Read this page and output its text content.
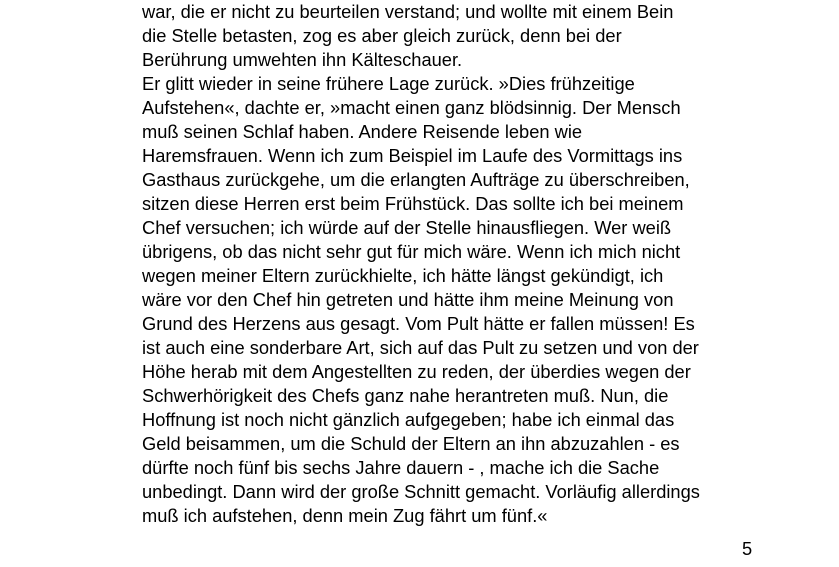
war, die er nicht zu beurteilen verstand; und wollte mit einem Bein
die Stelle betasten, zog es aber gleich zurück, denn bei der
Berührung umwehten ihn Kälteschauer.
Er glitt wieder in seine frühere Lage zurück. »Dies frühzeitige
Aufstehen«, dachte er, »macht einen ganz blödsinnig. Der Mensch
muß seinen Schlaf haben. Andere Reisende leben wie
Haremsfrauen. Wenn ich zum Beispiel im Laufe des Vormittags ins
Gasthaus zurückgehe, um die erlangten Aufträge zu überschreiben,
sitzen diese Herren erst beim Frühstück. Das sollte ich bei meinem
Chef versuchen; ich würde auf der Stelle hinausfliegen. Wer weiß
übrigens, ob das nicht sehr gut für mich wäre. Wenn ich mich nicht
wegen meiner Eltern zurückhielte, ich hätte längst gekündigt, ich
wäre vor den Chef hin getreten und hätte ihm meine Meinung von
Grund des Herzens aus gesagt. Vom Pult hätte er fallen müssen! Es
ist auch eine sonderbare Art, sich auf das Pult zu setzen und von der
Höhe herab mit dem Angestellten zu reden, der überdies wegen der
Schwerhörigkeit des Chefs ganz nahe herantreten muß. Nun, die
Hoffnung ist noch nicht gänzlich aufgegeben; habe ich einmal das
Geld beisammen, um die Schuld der Eltern an ihn abzuzahlen - es
dürfte noch fünf bis sechs Jahre dauern - , mache ich die Sache
unbedingt. Dann wird der große Schnitt gemacht. Vorläufig allerdings
muß ich aufstehen, denn mein Zug fährt um fünf.«
5
